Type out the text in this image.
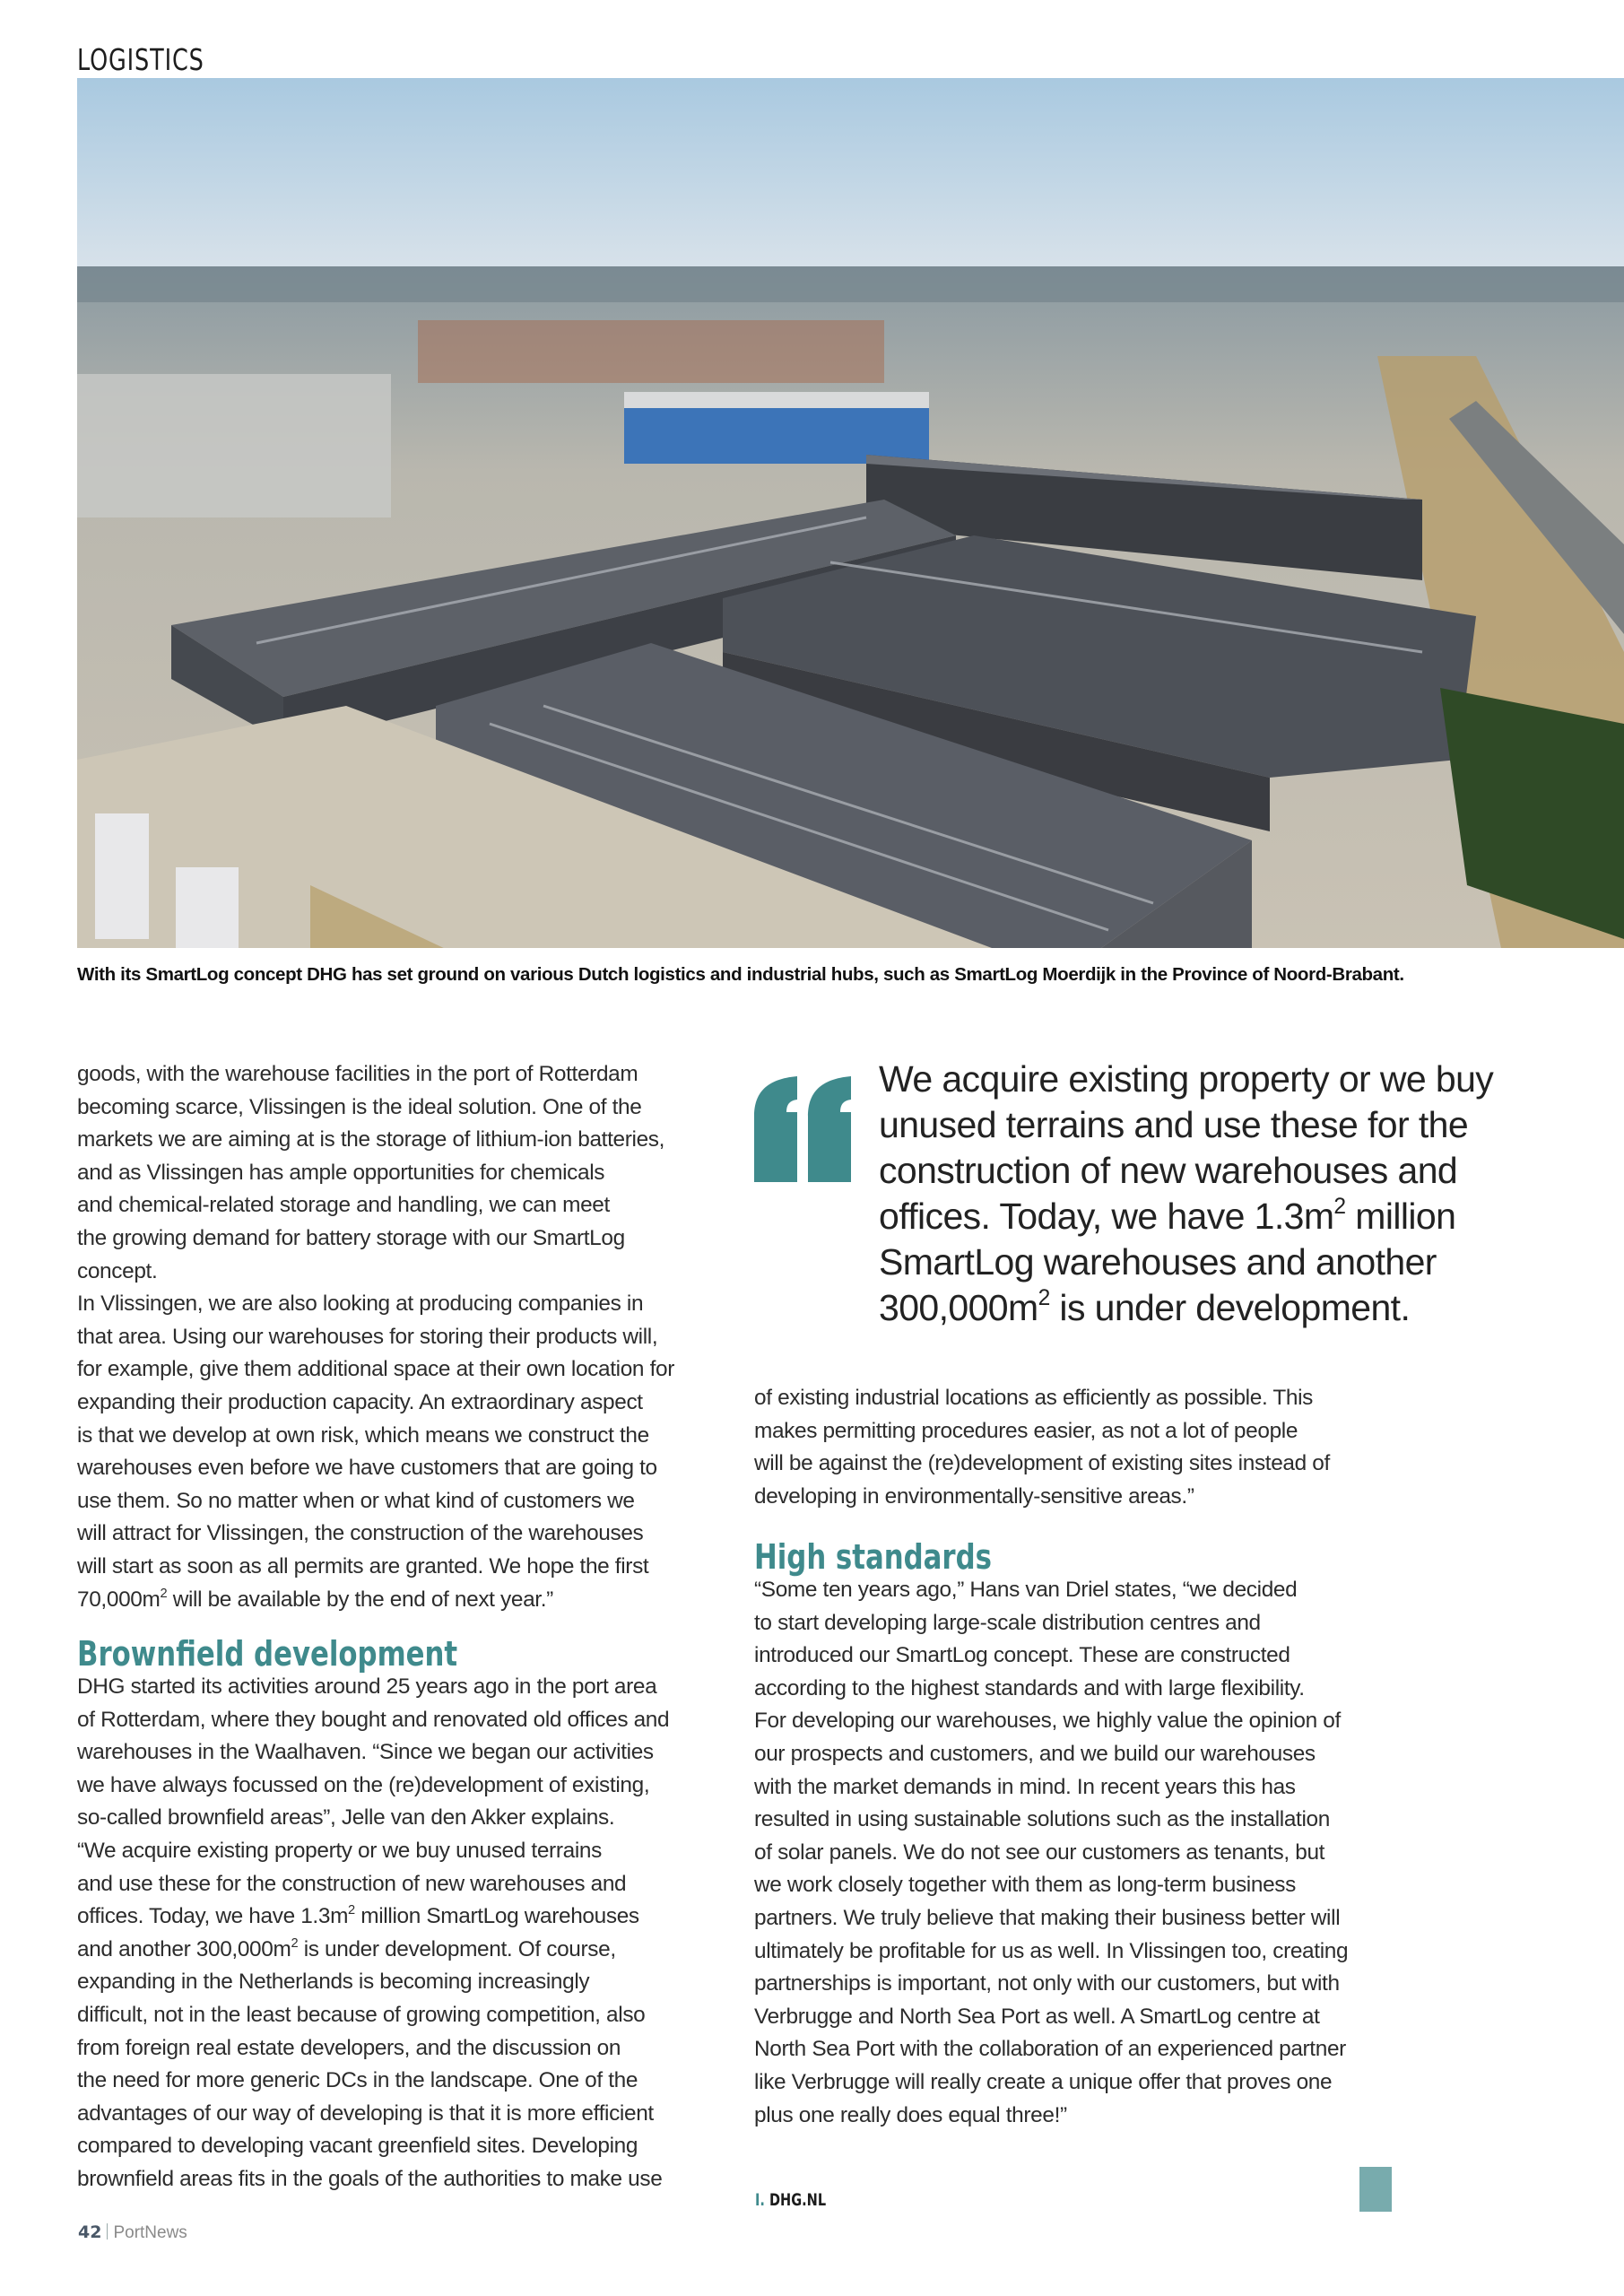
LOGISTICS
With its SmartLog concept DHG has set ground on various Dutch logistics and industrial hubs, such as SmartLog Moerdijk in the Province of Noord-Brabant.

goods, with the warehouse facilities in the port of Rotterdam

becoming scarce, Vlissingen is the ideal solution. One of the

markets we are aiming at is the storage of lithium-ion batteries,

and as Vlissingen has ample opportunities for chemicals

and chemical-related storage and handling, we can meet

the growing demand for battery storage with our SmartLog

concept.

In Vlissingen, we are also looking at producing companies in

that area. Using our warehouses for storing their products will,

for example, give them additional space at their own location for

expanding their production capacity. An extraordinary aspect

is that we develop at own risk, which means we construct the

warehouses even before we have customers that are going to

use them. So no matter when or what kind of customers we

will attract for Vlissingen, the construction of the warehouses

will start as soon as all permits are granted. We hope the first

$70,000m^2$ will be available by the end of next year.”

Brownfield development

DHG started its activities around 25 years ago in the port area

of Rotterdam, where they bought and renovated old offices and

warehouses in the Waalhaven. “Since we began our activities

we have always focussed on the (re)development of existing,

so-called brownfield areas”, Jelle van den Akker explains.

“We acquire existing property or we buy unused terrains

and use these for the construction of new warehouses and

offices. Today, we have $1.3m^2$ million SmartLog warehouses

and another $300,000m^2$ is under development. Of course,

expanding in the Netherlands is becoming increasingly

difficult, not in the least because of growing competition, also

from foreign real estate developers, and the discussion on

the need for more generic DCs in the landscape. One of the

advantages of our way of developing is that it is more efficient

compared to developing vacant greenfield sites. Developing

brownfield areas fits in the goals of the authorities to make use

We acquire existing property or we buy

unused terrains and use these for the

construction of new warehouses and

offices. Today, we have $1.3m^2$ million

SmartLog warehouses and another

$300,000m^2$ is under development.

of existing industrial locations as efficiently as possible. This

makes permitting procedures easier, as not a lot of people

will be against the (re)development of existing sites instead of

developing in environmentally-sensitive areas.”

High standards

“Some ten years ago,” Hans van Driel states, “we decided

to start developing large-scale distribution centres and

introduced our SmartLog concept. These are constructed

according to the highest standards and with large flexibility.

For developing our warehouses, we highly value the opinion of

our prospects and customers, and we build our warehouses

with the market demands in mind. In recent years this has

resulted in using sustainable solutions such as the installation

of solar panels. We do not see our customers as tenants, but

we work closely together with them as long-term business

partners. We truly believe that making their business better will

ultimately be profitable for us as well. In Vlissingen too, creating

partnerships is important, not only with our customers, but with

Verbrugge and North Sea Port as well. A SmartLog centre at

North Sea Port with the collaboration of an experienced partner

like Verbrugge will really create a unique offer that proves one

plus one really does equal three!”

I. DHG.NL
42 PortNews
